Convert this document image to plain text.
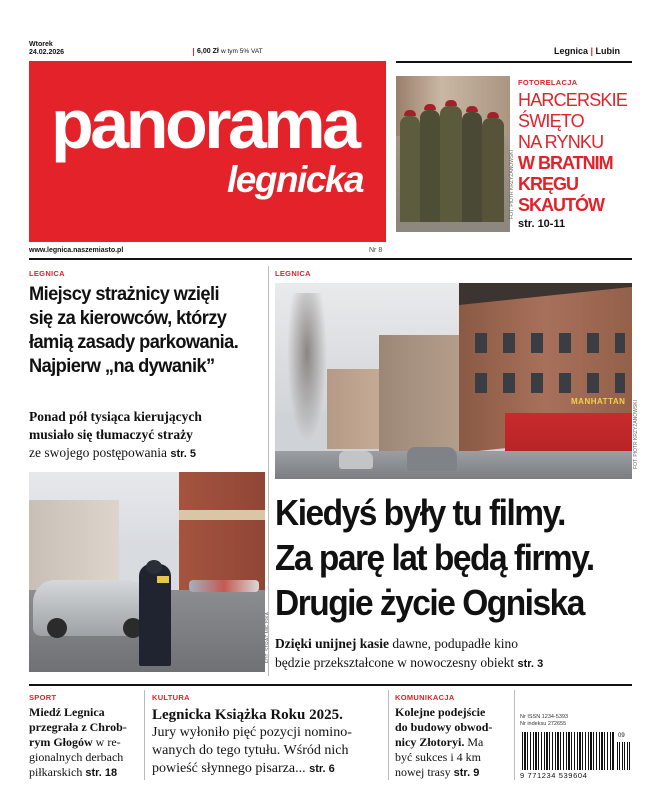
Wtorek
24.02.2026	6,00 Zł w tym 5% VAT	Legnica | Lubin
panorama
legnicka
www.legnica.naszemiasto.pl	Nr 8
FOT. PIOTR KRZYŻANOWSKI
FOTORELACJA
HARCERSKIE
ŚWIĘTO
NA RYNKU
W BRATNIM
KRĘGU
SKAUTÓW
str. 10-11
LEGNICA
Miejscy strażnicy wzięli
się za kierowców, którzy
łamią zasady parkowania.
Najpierw „na dywanik”
Ponad pół tysiąca kierujących
musiało się tłumaczyć straży
ze swojego postępowania str. 5
LEGNICA
MANHATTAN FOT. PIOTR KRZYŻANOWSKI
Kiedyś były tu filmy.
Za parę lat będą firmy.
Drugie życie Ogniska
Dzięki unijnej kasie dawne, podupadłe kino
będzie przekształcone w nowoczesny obiekt str. 3
SPORT
Miedź Legnica
przegrała z Chrob-
rym Głogów w re-
gionalnych derbach
piłkarskich str. 18
KULTURA
Legnicka Książka Roku 2025.
Jury wyłoniło pięć pozycji nomino-
wanych do tego tytułu. Wśród nich
powieść słynnego pisarza... str. 6
KOMUNIKACJA
Kolejne podejście
do budowy obwod-
nicy Złotoryi. Ma
być sukces i 4 km
nowej trasy str. 9
Nr ISSN 1234-5393
Nr indeksu 272655
09
9 771234 539604
